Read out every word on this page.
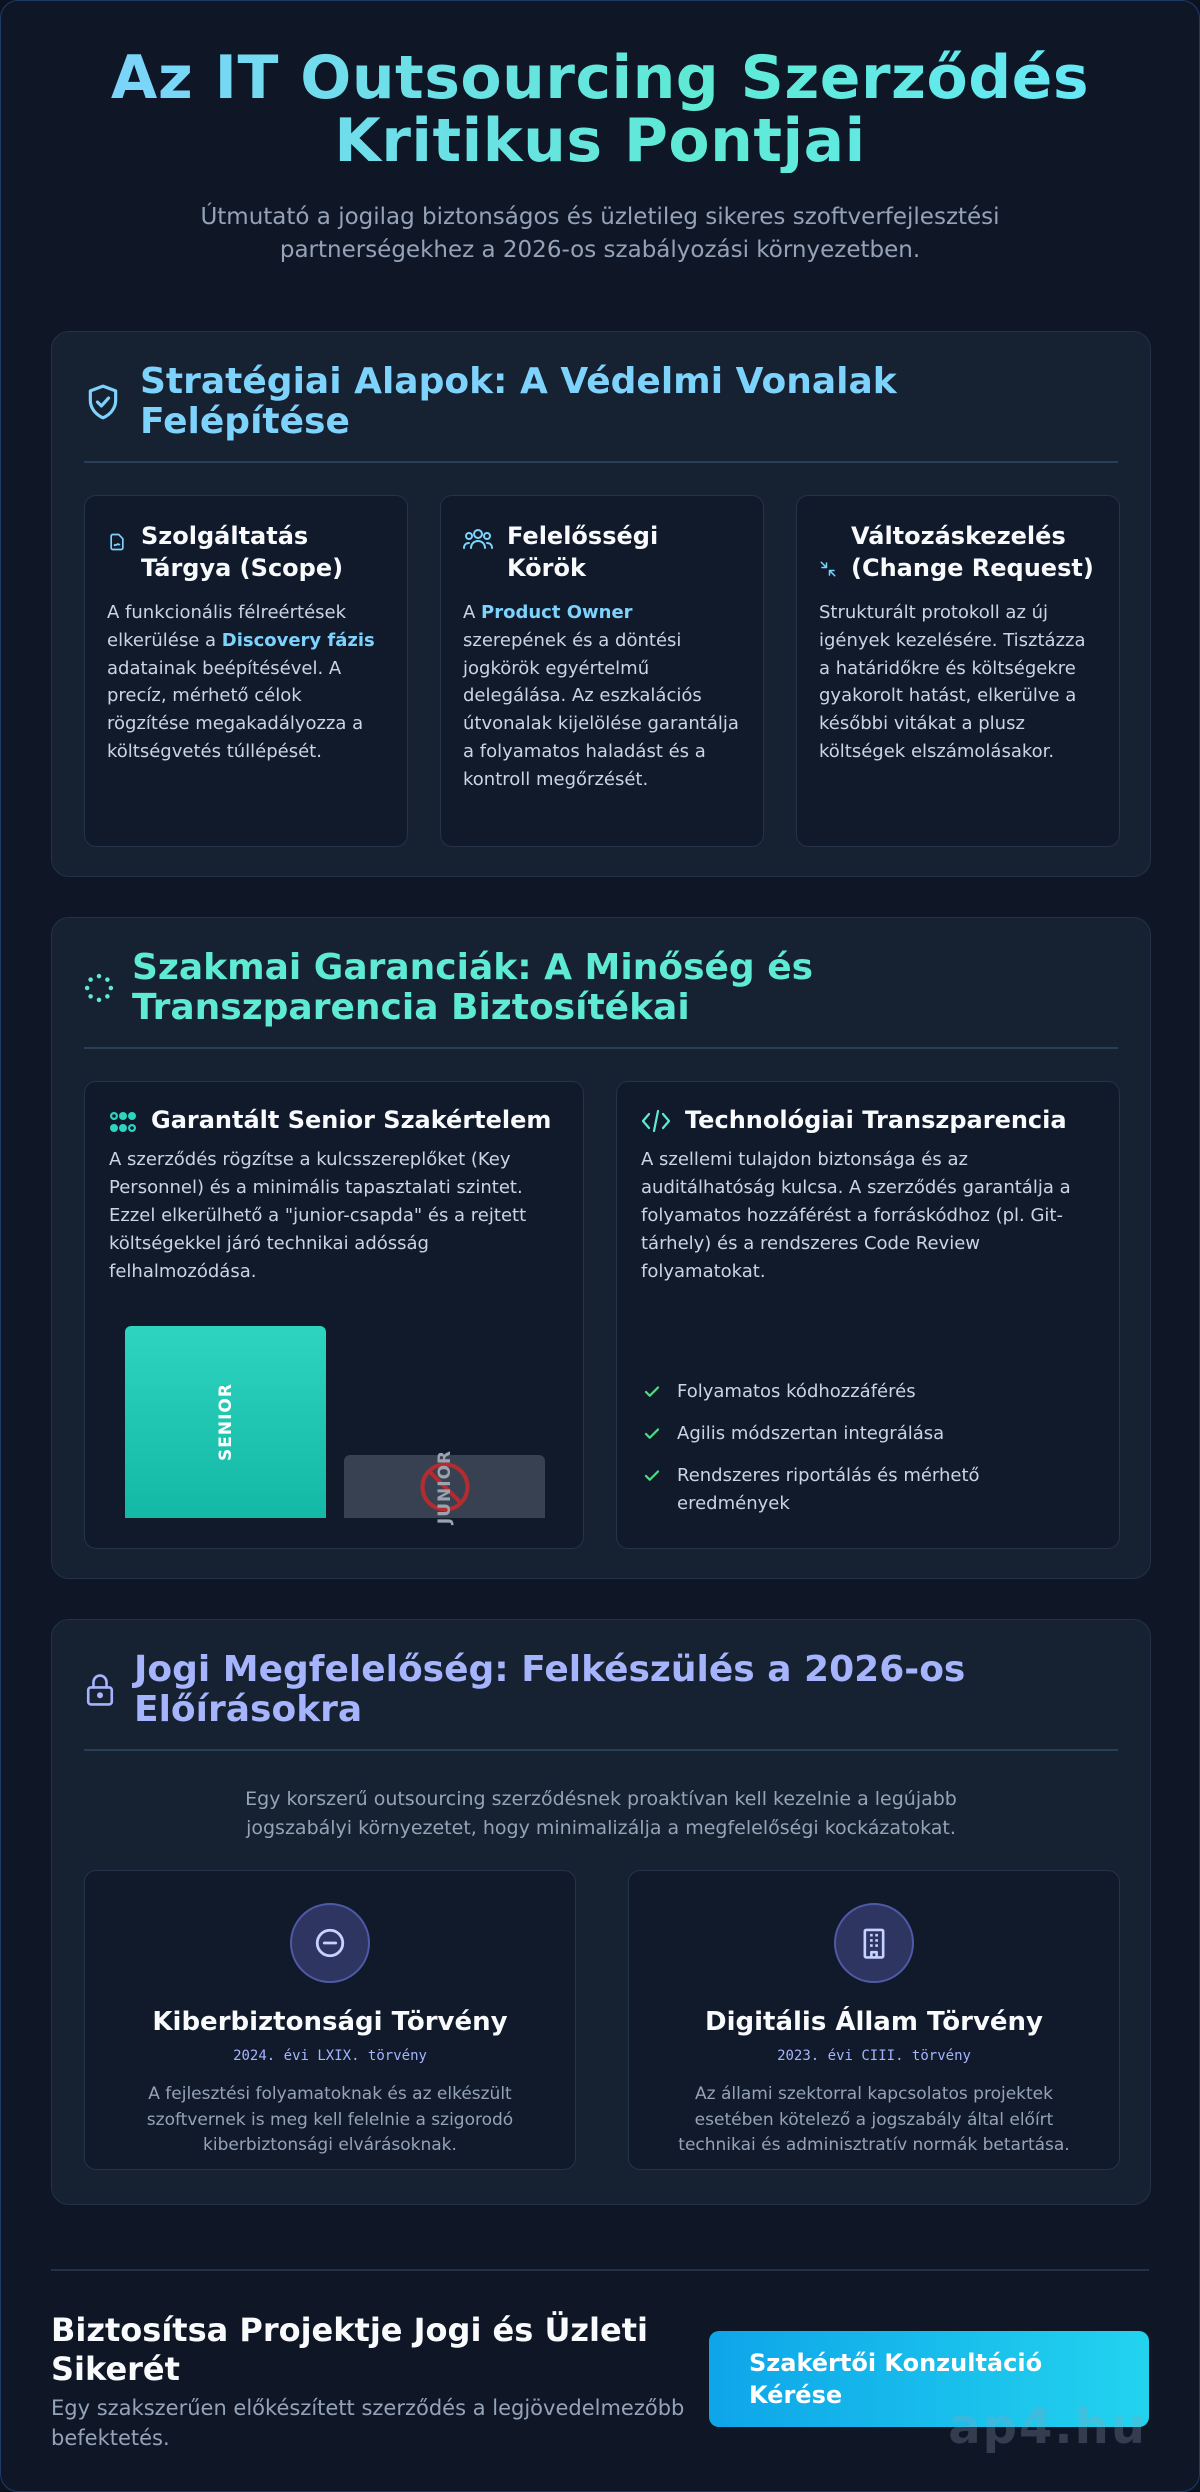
Az IT Outsourcing Szerződés Kritikus Pontjai

Útmutató a jogilag biztonságos és üzletileg sikeres szoftverfejlesztési partnerségekhez a 2026-os szabályozási környezetben.

Stratégiai Alapok: A Védelmi Vonalak Felépítése
Szolgáltatás Tárgya (Scope)

A funkcionális félreértések elkerülése a Discovery fázis adatainak beépítésével. A precíz, mérhető célok rögzítése megakadályozza a költségvetés túllépését.

Felelősségi Körök

A Product Owner szerepének és a döntési jogkörök egyértelmű delegálása. Az eszkalációs útvonalak kijelölése garantálja a folyamatos haladást és a kontroll megőrzését.

Változáskezelés (Change Request)

Strukturált protokoll az új igények kezelésére. Tisztázza a határidőkre és költségekre gyakorolt hatást, elkerülve a későbbi vitákat a plusz költségek elszámolásakor.

Szakmai Garanciák: A Minőség és Transzparencia Biztosítékai
Garantált Senior Szakértelem

A szerződés rögzítse a kulcsszereplőket (Key Personnel) és a minimális tapasztalati szintet. Ezzel elkerülhető a "junior-csapda" és a rejtett költségekkel járó technikai adósság felhalmozódása.

SENIOR
JUNIOR
Technológiai Transzparencia

A szellemi tulajdon biztonsága és az auditálhatóság kulcsa. A szerződés garantálja a folyamatos hozzáférést a forráskódhoz (pl. Git-tárhely) és a rendszeres Code Review folyamatokat.

Folyamatos kódhozzáférés
Agilis módszertan integrálása
Rendszeres riportálás és mérhető eredmények
Jogi Megfelelőség: Felkészülés a 2026-os Előírásokra

Egy korszerű outsourcing szerződésnek proaktívan kell kezelnie a legújabb jogszabályi környezetet, hogy minimalizálja a megfelelőségi kockázatokat.

Kiberbiztonsági Törvény
2024. évi LXIX. törvény

A fejlesztési folyamatoknak és az elkészült szoftvernek is meg kell felelnie a szigorodó kiberbiztonsági elvárásoknak.

Digitális Állam Törvény
2023. évi CIII. törvény

Az állami szektorral kapcsolatos projektek esetében kötelező a jogszabály által előírt technikai és adminisztratív normák betartása.

Biztosítsa Projektje Jogi és Üzleti Sikerét

Egy szakszerűen előkészített szerződés a legjövedelmezőbb befektetés.

Szakértői Konzultáció Kérése
ap4.hu
